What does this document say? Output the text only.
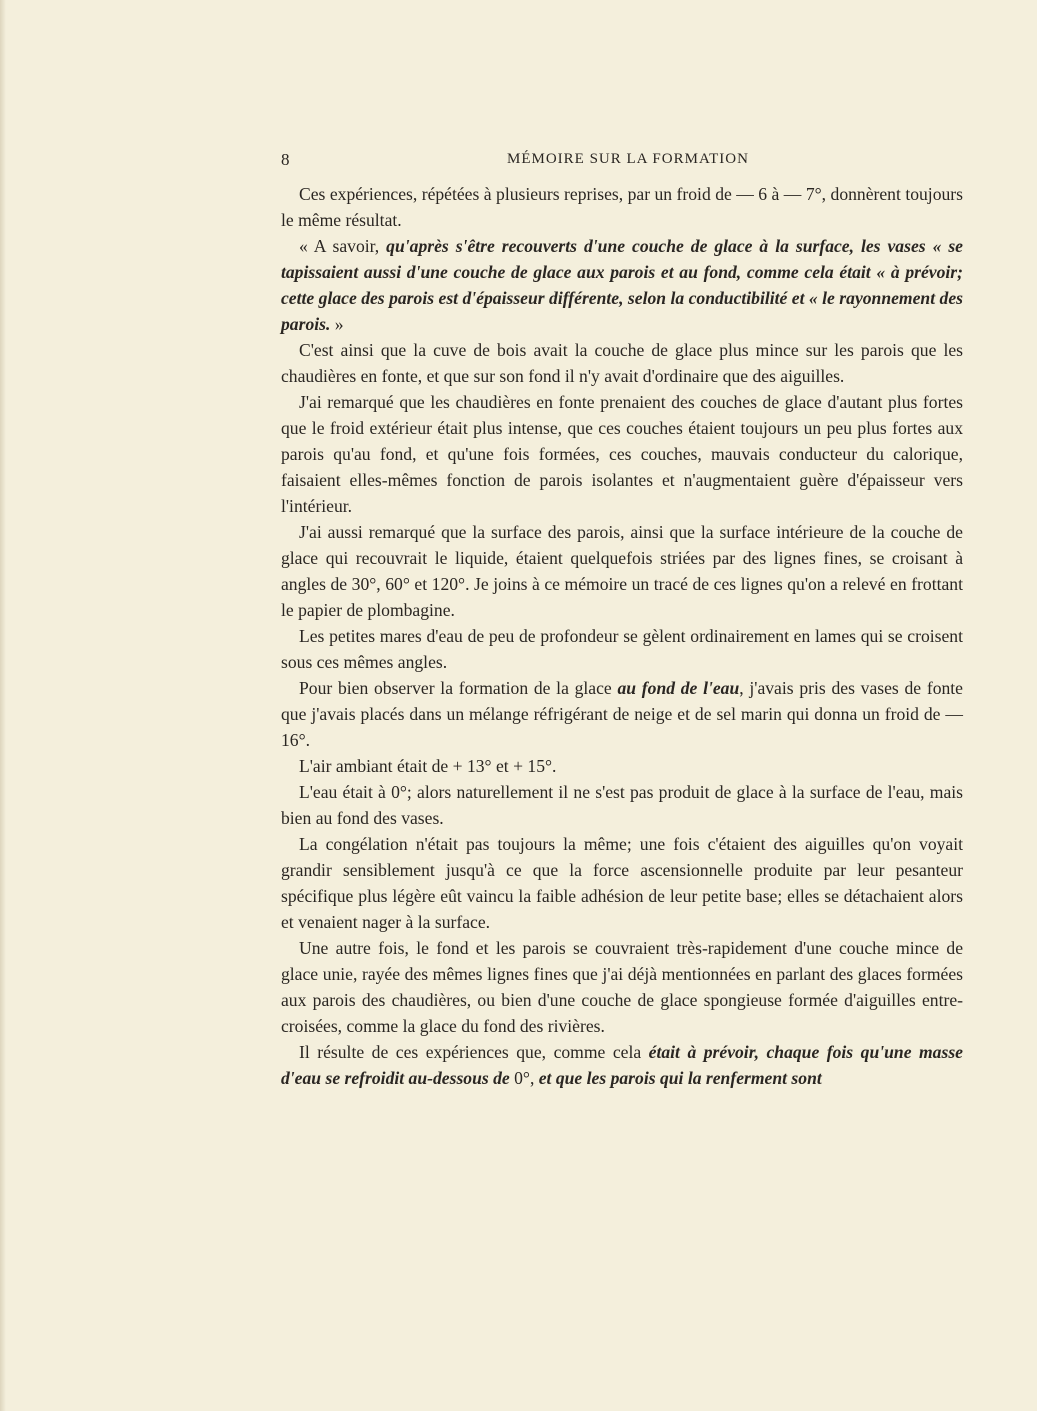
8	MÉMOIRE SUR LA FORMATION

Ces expériences, répétées à plusieurs reprises, par un froid de — 6 à — 7°, donnèrent toujours le même résultat.

« A savoir, qu'après s'être recouverts d'une couche de glace à la surface, les vases « se tapissaient aussi d'une couche de glace aux parois et au fond, comme cela était « à prévoir; cette glace des parois est d'épaisseur différente, selon la conductibilité et « le rayonnement des parois. »

C'est ainsi que la cuve de bois avait la couche de glace plus mince sur les parois que les chaudières en fonte, et que sur son fond il n'y avait d'ordinaire que des aiguilles.

J'ai remarqué que les chaudières en fonte prenaient des couches de glace d'autant plus fortes que le froid extérieur était plus intense, que ces couches étaient toujours un peu plus fortes aux parois qu'au fond, et qu'une fois formées, ces couches, mauvais conducteur du calorique, faisaient elles-mêmes fonction de parois isolantes et n'augmentaient guère d'épaisseur vers l'intérieur.

J'ai aussi remarqué que la surface des parois, ainsi que la surface intérieure de la couche de glace qui recouvrait le liquide, étaient quelquefois striées par des lignes fines, se croisant à angles de 30°, 60° et 120°. Je joins à ce mémoire un tracé de ces lignes qu'on a relevé en frottant le papier de plombagine.

Les petites mares d'eau de peu de profondeur se gèlent ordinairement en lames qui se croisent sous ces mêmes angles.

Pour bien observer la formation de la glace au fond de l'eau, j'avais pris des vases de fonte que j'avais placés dans un mélange réfrigérant de neige et de sel marin qui donna un froid de — 16°.

L'air ambiant était de + 13° et + 15°.

L'eau était à 0°; alors naturellement il ne s'est pas produit de glace à la surface de l'eau, mais bien au fond des vases.

La congélation n'était pas toujours la même; une fois c'étaient des aiguilles qu'on voyait grandir sensiblement jusqu'à ce que la force ascensionnelle produite par leur pesanteur spécifique plus légère eût vaincu la faible adhésion de leur petite base; elles se détachaient alors et venaient nager à la surface.

Une autre fois, le fond et les parois se couvraient très-rapidement d'une couche mince de glace unie, rayée des mêmes lignes fines que j'ai déjà mentionnées en parlant des glaces formées aux parois des chaudières, ou bien d'une couche de glace spongieuse formée d'aiguilles entre-croisées, comme la glace du fond des rivières.

Il résulte de ces expériences que, comme cela était à prévoir, chaque fois qu'une masse d'eau se refroidit au-dessous de 0°, et que les parois qui la renferment sont
